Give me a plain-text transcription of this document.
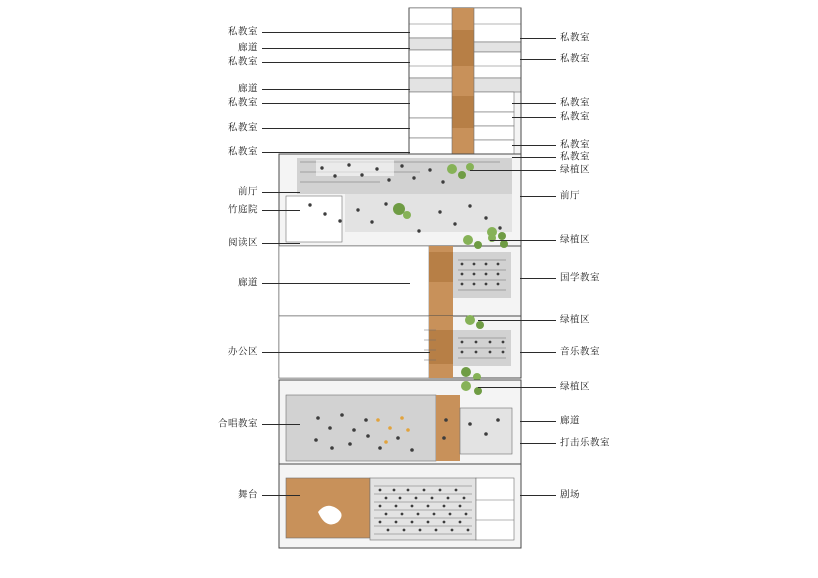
私教室
廊道
私教室
廊道
私教室
私教室
私教室
前厅
竹庭院
阅读区
廊道
办公区
合唱教室
舞台
私教室
私教室
私教室
私教室
私教室
私教室
绿植区
前厅
绿植区
国学教室
绿植区
音乐教室
绿植区
廊道
打击乐教室
剧场
